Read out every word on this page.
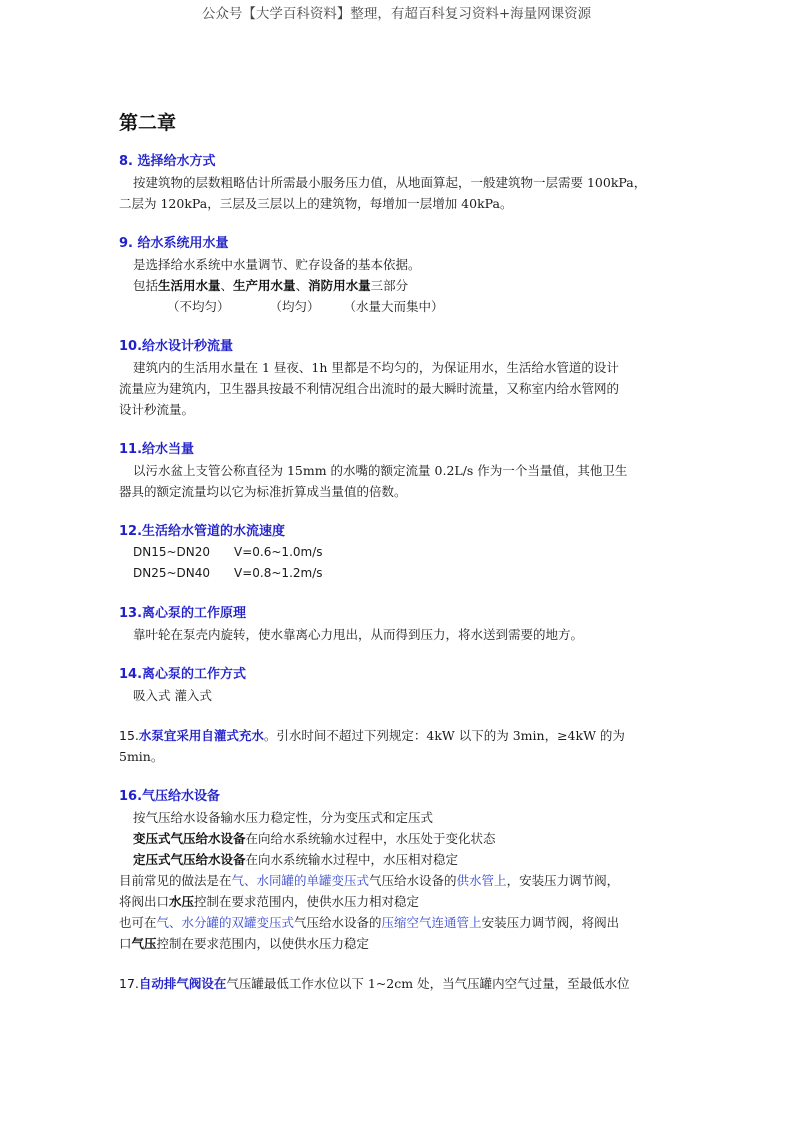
公众号【大学百科资料】整理，有超百科复习资料+海量网课资源
第二章
8. 选择给水方式
按建筑物的层数粗略估计所需最小服务压力值，从地面算起，一般建筑物一层需要 100kPa，
二层为 120kPa，三层及三层以上的建筑物，每增加一层增加 40kPa。
9. 给水系统用水量
是选择给水系统中水量调节、贮存设备的基本依据。
包括生活用水量、生产用水量、消防用水量三部分
（不均匀）	（均匀） （水量大而集中）
10.给水设计秒流量
建筑内的生活用水量在 1 昼夜、1h 里都是不均匀的，为保证用水，生活给水管道的设计
流量应为建筑内，卫生器具按最不利情况组合出流时的最大瞬时流量，又称室内给水管网的
设计秒流量。
11.给水当量
以污水盆上支管公称直径为 15mm 的水嘴的额定流量 0.2L/s 作为一个当量值，其他卫生
器具的额定流量均以它为标准折算成当量值的倍数。
12.生活给水管道的水流速度
DN15~DN20 V=0.6~1.0m/s
DN25~DN40 V=0.8~1.2m/s
13.离心泵的工作原理
靠叶轮在泵壳内旋转，使水靠离心力甩出，从而得到压力，将水送到需要的地方。
14.离心泵的工作方式
吸入式 灌入式
15.水泵宜采用自灌式充水。引水时间不超过下列规定：4kW 以下的为 3min，≥4kW 的为
5min。
16.气压给水设备
按气压给水设备输水压力稳定性，分为变压式和定压式
变压式气压给水设备在向给水系统输水过程中，水压处于变化状态
定压式气压给水设备在向水系统输水过程中，水压相对稳定
目前常见的做法是在气、水同罐的单罐变压式气压给水设备的供水管上，安装压力调节阀，
将阀出口水压控制在要求范围内，使供水压力相对稳定
也可在气、水分罐的双罐变压式气压给水设备的压缩空气连通管上安装压力调节阀，将阀出
口气压控制在要求范围内，以使供水压力稳定
17.自动排气阀设在气压罐最低工作水位以下 1~2cm 处，当气压罐内空气过量，至最低水位
